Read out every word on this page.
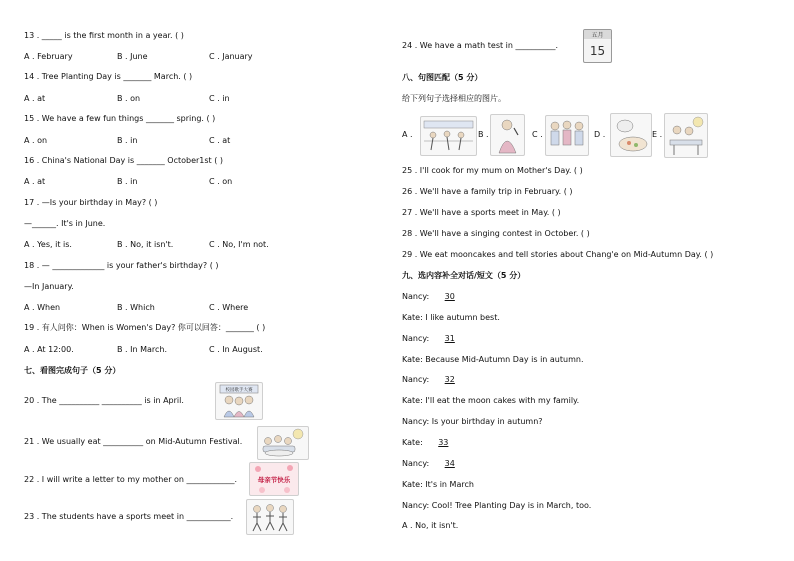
13 . _____ is the first month in a year. ( )
A . February	B . June	C . January
14 . Tree Planting Day is _______ March. ( )
A . at	B . on	C . in
15 . We have a few fun things _______ spring. ( )
A . on	B . in	C . at
16 . China's National Day is _______ October1st ( )
A . at	B . in	C . on
17 . —Is your birthday in May? ( )
—______. It's in June.
A . Yes, it is.	B . No, it isn't.	C . No, I'm not.
18 . — _____________ is your father's birthday? ( )
—In January.
A . When	B . Which	C . Where
19 . 有人问你：When is Women's Day? 你可以回答：_______ ( )
A . At 12:00.	B . In March.	C . In August.
七、看图完成句子（5 分）
20 . The __________ __________ is in April.
校园歌手大赛
21 . We usually eat __________ on Mid-Autumn Festival.
22 . I will write a letter to my mother on ____________.	母亲节快乐
23 . The students have a sports meet in ___________.
24 . We have a math test in __________.
五月
15
八、句图匹配（5 分）
给下列句子选择相应的图片。
A .	B .	C .	D .	E .
25 . I'll cook for my mum on Mother's Day. ( )
26 . We'll have a family trip in February. ( )
27 . We'll have a sports meet in May. ( )
28 . We'll have a singing contest in October. ( )
29 . We eat mooncakes and tell stories about Chang'e on Mid-Autumn Day. ( )
九、选内容补全对话/短文（5 分）
Nancy: 30
Kate: I like autumn best.
Nancy: 31
Kate: Because Mid-Autumn Day is in autumn.
Nancy: 32
Kate: I'll eat the moon cakes with my family.
Nancy: Is your birthday in autumn?
Kate: 33
Nancy: 34
Kate: It's in March
Nancy: Cool! Tree Planting Day is in March, too.
A . No, it isn't.
